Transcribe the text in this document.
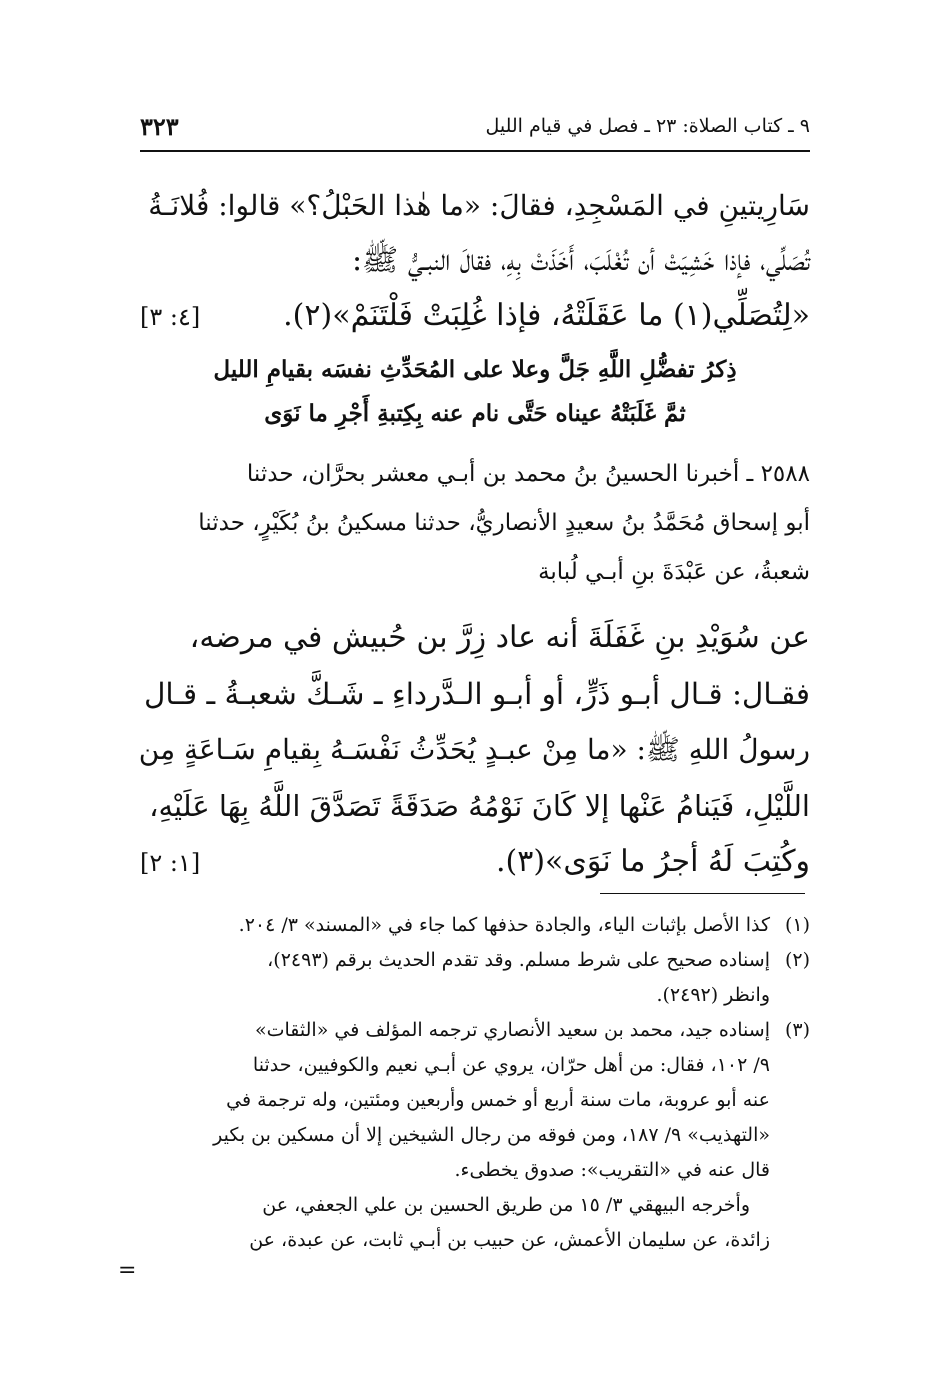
٩ ـ كتاب الصلاة: ٢٣ ـ فصل في قيام الليل
٣٢٣
سَارِيتينِ في المَسْجِدِ، فقالَ: «ما هٰذا الحَبْلُ؟» قالوا: فُلانَـةُ
تُصَلِّي، فإذا خَشِيَتْ أن تُغْلَبَ، أَخَذَتْ بِهِ، فقالَ النبـيُّ ﷺ:
«لِتُصَلِّي(١) ما عَقَلَتْهُ، فإذا غُلِبَتْ فَلْتَنَمْ»(٢).
[٤: ٣]
ذِكرُ تفضُّلِ اللَّهِ جَلَّ وعلا على المُحَدِّثِ نفسَه بقيامِ الليل
ثمَّ غَلَبَتْهُ عيناه حَتَّى نام عنه بِكِتبةِ أَجْرِ ما نَوَى
٢٥٨٨ ـ أخبرنا الحسينُ بنُ محمد بن أبـي معشر بحرَّان، حدثنا
أبو إسحاق مُحَمَّدُ بنُ سعيدٍ الأنصاريُّ، حدثنا مسكينُ بنُ بُكَيْرٍ، حدثنا
شعبةُ، عن عَبْدَةَ بنِ أبـي لُبابة
عن سُوَيْدِ بنِ غَفَلَةَ أنه عاد زِرَّ بن حُبيش في مرضه،
فقـال: قـال أبـو ذَرٍّ، أو أبـو الـدَّرداءِ ـ شَـكَّ شعبـةُ ـ قـال
رسولُ اللهِ ﷺ: «ما مِنْ عبـدٍ يُحَدِّثُ نَفْسَـهُ بِقيامِ سَـاعَةٍ مِن
اللَّيْلِ، فَيَنامُ عَنْها إلا كَانَ نَوْمُهُ صَدَقَةً تَصَدَّقَ اللَّهُ بِهَا عَلَيْهِ،
وكُتِبَ لَهُ أجرُ ما نَوَى»(٣).
[١: ٢]
(١)
كذا الأصل بإثبات الياء، والجادة حذفها كما جاء في «المسند» ٣/ ٢٠٤.
(٢)
إسناده صحيح على شرط مسلم. وقد تقدم الحديث برقم (٢٤٩٣)،
وانظر (٢٤٩٢).
(٣)
إسناده جيد، محمد بن سعيد الأنصاري ترجمه المؤلف في «الثقات»
٩/ ١٠٢، فقال: من أهل حرّان، يروي عن أبـي نعيم والكوفيين، حدثنا
عنه أبو عروبة، مات سنة أربع أو خمس وأربعين ومئتين، وله ترجمة في
«التهذيب» ٩/ ١٨٧، ومن فوقه من رجال الشيخين إلا أن مسكين بن بكير
قال عنه في «التقريب»: صدوق يخطىء.
وأخرجه البيهقي ٣/ ١٥ من طريق الحسين بن علي الجعفي، عن
زائدة، عن سليمان الأعمش، عن حبيب بن أبـي ثابت، عن عبدة، عن
=
